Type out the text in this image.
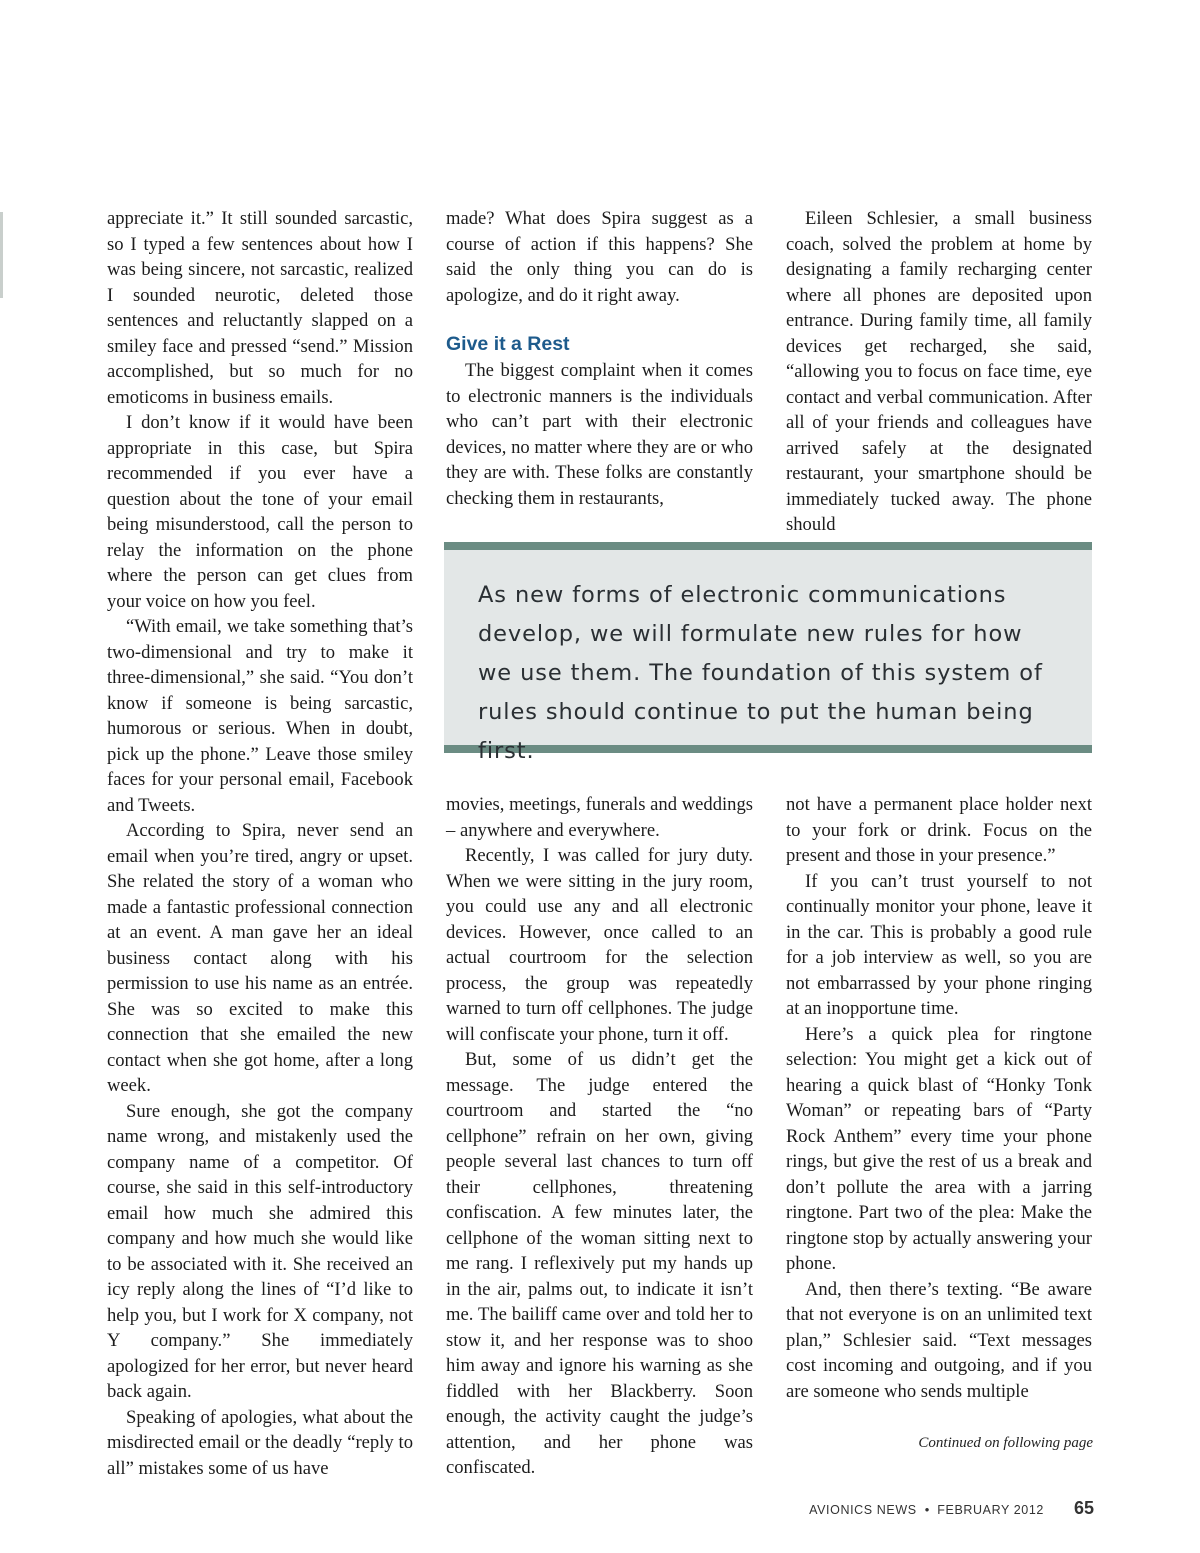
appreciate it.” It still sounded sarcastic, so I typed a few sentences about how I was being sincere, not sarcastic, realized I sounded neurotic, deleted those sentences and reluctantly slapped on a smiley face and pressed “send.” Mission accomplished, but so much for no emoticoms in business emails.

I don’t know if it would have been appropriate in this case, but Spira recommended if you ever have a question about the tone of your email being misunderstood, call the person to relay the information on the phone where the person can get clues from your voice on how you feel.

“With email, we take something that’s two-dimensional and try to make it three-dimensional,” she said. “You don’t know if someone is being sarcastic, humorous or serious. When in doubt, pick up the phone.” Leave those smiley faces for your personal email, Facebook and Tweets.

According to Spira, never send an email when you’re tired, angry or upset. She related the story of a woman who made a fantastic professional connection at an event. A man gave her an ideal business contact along with his permission to use his name as an entrée. She was so excited to make this connection that she emailed the new contact when she got home, after a long week.

Sure enough, she got the company name wrong, and mistakenly used the company name of a competitor. Of course, she said in this self-introductory email how much she admired this company and how much she would like to be associated with it. She received an icy reply along the lines of “I’d like to help you, but I work for X company, not Y company.” She immediately apologized for her error, but never heard back again.

Speaking of apologies, what about the misdirected email or the deadly “reply to all” mistakes some of us have

made? What does Spira suggest as a course of action if this happens? She said the only thing you can do is apologize, and do it right away.

Give it a Rest

The biggest complaint when it comes to electronic manners is the individuals who can’t part with their electronic devices, no matter where they are or who they are with. These folks are constantly checking them in restaurants,

Eileen Schlesier, a small business coach, solved the problem at home by designating a family recharging center where all phones are deposited upon entrance. During family time, all family devices get recharged, she said, “allowing you to focus on face time, eye contact and verbal communication. After all of your friends and colleagues have arrived safely at the designated restaurant, your smartphone should be immediately tucked away. The phone should

As new forms of electronic communications develop, we will formulate new rules for how we use them. The foundation of this system of rules should continue to put the human being first.

movies, meetings, funerals and weddings – anywhere and everywhere.

Recently, I was called for jury duty. When we were sitting in the jury room, you could use any and all electronic devices. However, once called to an actual courtroom for the selection process, the group was repeatedly warned to turn off cellphones. The judge will confiscate your phone, turn it off.

But, some of us didn’t get the message. The judge entered the courtroom and started the “no cellphone” refrain on her own, giving people several last chances to turn off their cellphones, threatening confiscation. A few minutes later, the cellphone of the woman sitting next to me rang. I reflexively put my hands up in the air, palms out, to indicate it isn’t me. The bailiff came over and told her to stow it, and her response was to shoo him away and ignore his warning as she fiddled with her Blackberry. Soon enough, the activity caught the judge’s attention, and her phone was confiscated.

not have a permanent place holder next to your fork or drink. Focus on the present and those in your presence.”

If you can’t trust yourself to not continually monitor your phone, leave it in the car. This is probably a good rule for a job interview as well, so you are not embarrassed by your phone ringing at an inopportune time.

Here’s a quick plea for ringtone selection: You might get a kick out of hearing a quick blast of “Honky Tonk Woman” or repeating bars of “Party Rock Anthem” every time your phone rings, but give the rest of us a break and don’t pollute the area with a jarring ringtone. Part two of the plea: Make the ringtone stop by actually answering your phone.

And, then there’s texting. “Be aware that not everyone is on an unlimited text plan,” Schlesier said. “Text messages cost incoming and outgoing, and if you are someone who sends multiple

Continued on following page
AVIONICS NEWS • FEBRUARY 2012 65
